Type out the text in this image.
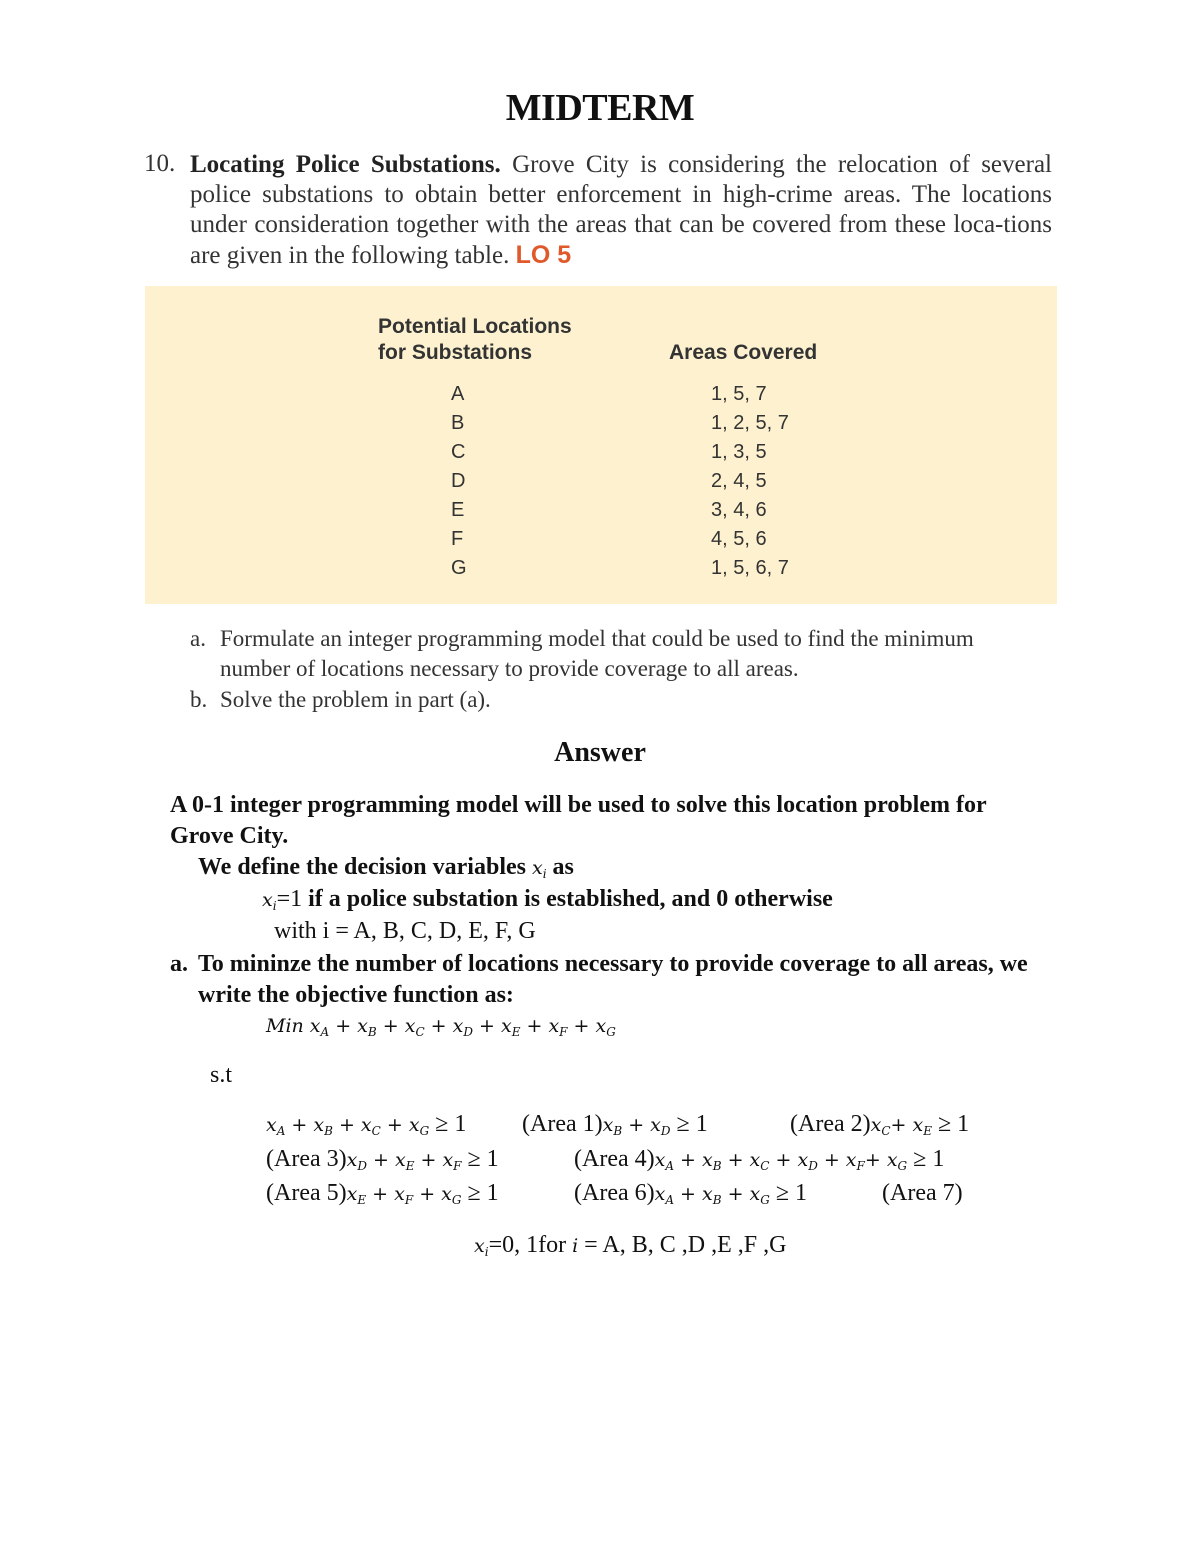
MIDTERM
10. Locating Police Substations. Grove City is considering the relocation of several police substations to obtain better enforcement in high-crime areas. The locations under consideration together with the areas that can be covered from these loca-tions are given in the following table. LO 5
Potential Locations
for Substations	Areas Covered
A	1, 5, 7
B	1, 2, 5, 7
C	1, 3, 5
D	2, 4, 5
E	3, 4, 6
F	4, 5, 6
G	1, 5, 6, 7
a. Formulate an integer programming model that could be used to find the minimum
number of locations necessary to provide coverage to all areas.
b. Solve the problem in part (a).
Answer
A 0-1 integer programming model will be used to solve this location problem for
Grove City.
We define the decision variables $x_i$ as
$x_i=1$ if a police substation is established, and 0 otherwise
with i = A, B, C, D, E, F, G
a. To mininze the number of locations necessary to provide coverage to all areas, we
write the objective function as:
Min $x_A + x_B + x_C + x_D + x_E + x_F + x_G$
s.t
$x_A + x_B + x_C + x_G \ge 1$ (Area $1)x_B + x_D \ge 1$	(Area $2)x_C+ x_E \ge 1$
(Area $3)x_D + x_E + x_F \ge 1$	(Area $4)x_A + x_B + x_C + x_D + x_F+ x_G \ge 1$
(Area $5)x_E + x_F + x_G \ge 1$	(Area $6)x_A + x_B + x_G \ge 1$	(Area 7)
$x_i=0$, 1for i = A, B, C ,D ,E ,F ,G
